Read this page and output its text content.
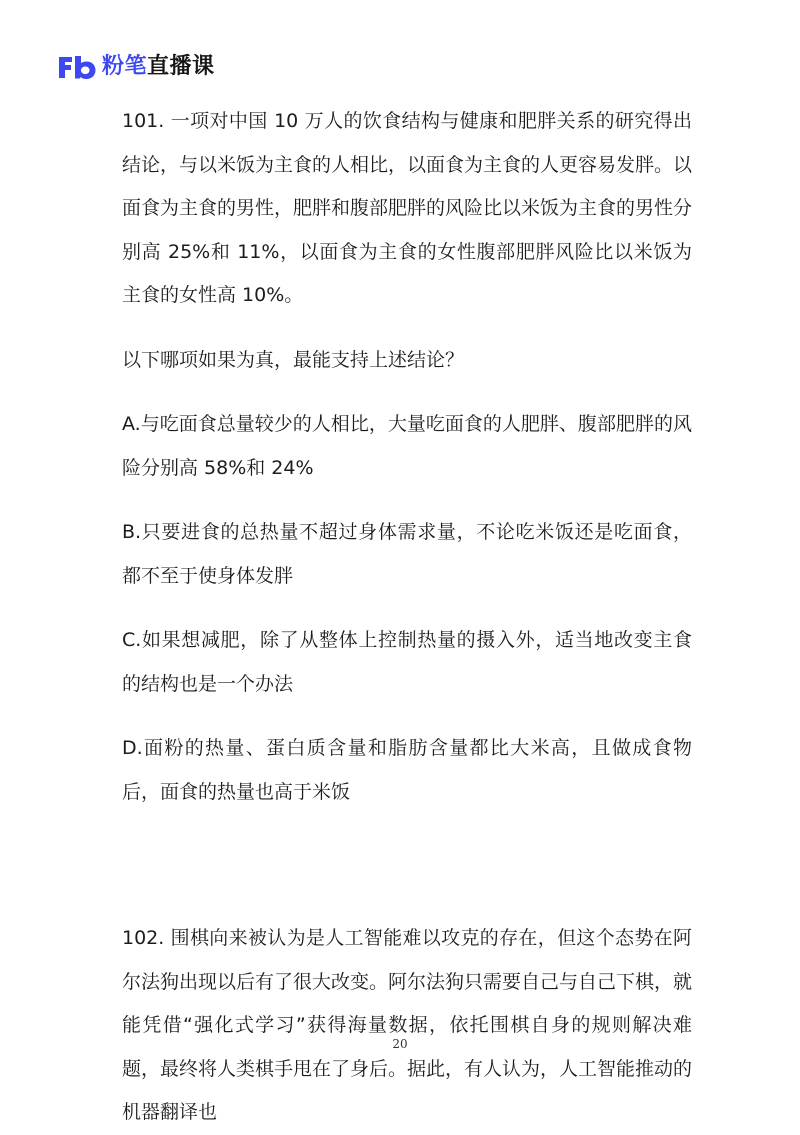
粉笔直播课

101. 一项对中国 10 万人的饮食结构与健康和肥胖关系的研究得出结论，与以米饭为主食的人相比，以面食为主食的人更容易发胖。以面食为主食的男性，肥胖和腹部肥胖的风险比以米饭为主食的男性分别高 25%和 11%，以面食为主食的女性腹部肥胖风险比以米饭为主食的女性高 10%。

以下哪项如果为真，最能支持上述结论？

A.与吃面食总量较少的人相比，大量吃面食的人肥胖、腹部肥胖的风险分别高 58%和 24%

B.只要进食的总热量不超过身体需求量，不论吃米饭还是吃面食，都不至于使身体发胖

C.如果想减肥，除了从整体上控制热量的摄入外，适当地改变主食的结构也是一个办法

D.面粉的热量、蛋白质含量和脂肪含量都比大米高，且做成食物后，面食的热量也高于米饭

102. 围棋向来被认为是人工智能难以攻克的存在，但这个态势在阿尔法狗出现以后有了很大改变。阿尔法狗只需要自己与自己下棋，就能凭借“强化式学习”获得海量数据，依托围棋自身的规则解决难题，最终将人类棋手甩在了身后。据此，有人认为，人工智能推动的机器翻译也

20
